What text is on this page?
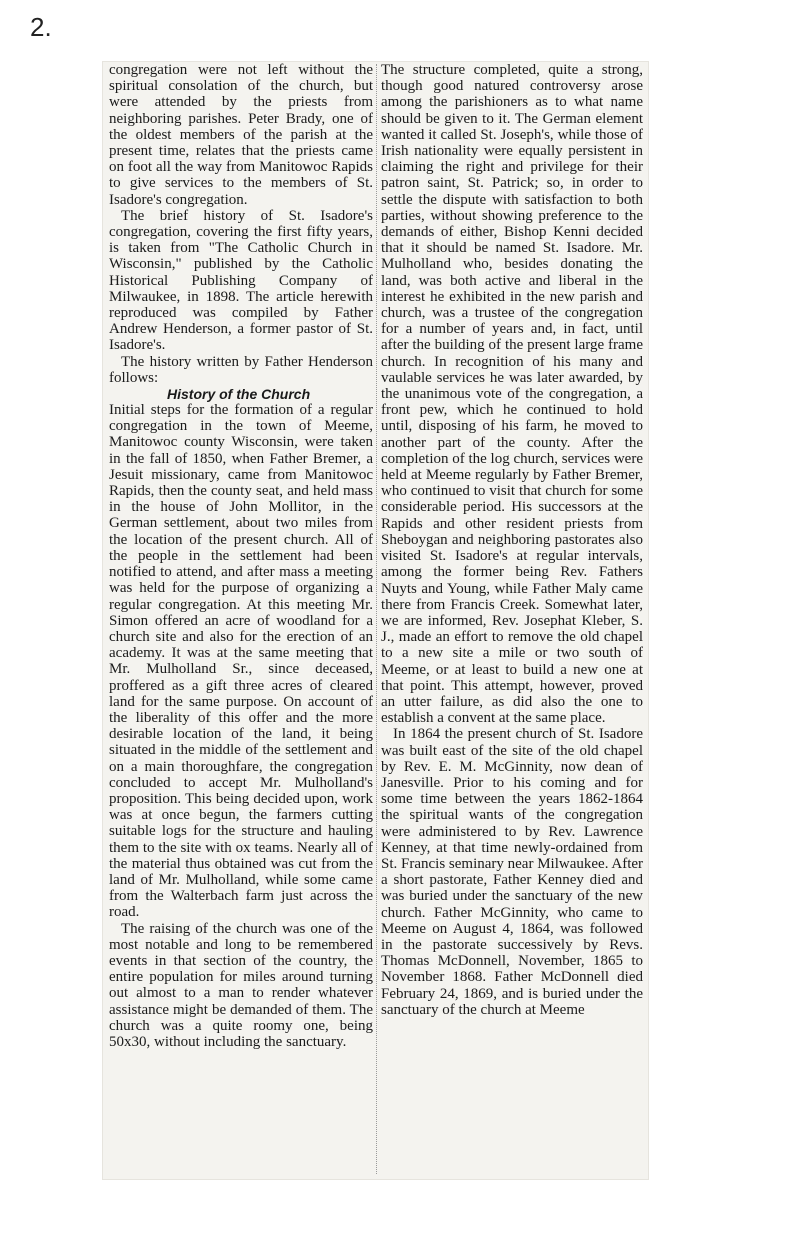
2.

congregation were not left without the spiritual consolation of the church, but were attended by the priests from neighboring parishes. Peter Brady, one of the oldest members of the parish at the present time, relates that the priests came on foot all the way from Manitowoc Rapids to give services to the members of St. Isadore's congregation.

The brief history of St. Isadore's congregation, covering the first fifty years, is taken from "The Catholic Church in Wisconsin," published by the Catholic Historical Publishing Company of Milwaukee, in 1898. The article herewith reproduced was compiled by Father Andrew Henderson, a former pastor of St. Isadore's.

The history written by Father Henderson follows:

History of the Church

Initial steps for the formation of a regular congregation in the town of Meeme, Manitowoc county Wisconsin, were taken in the fall of 1850, when Father Bremer, a Jesuit missionary, came from Manitowoc Rapids, then the county seat, and held mass in the house of John Mollitor, in the German settlement, about two miles from the location of the present church. All of the people in the settlement had been notified to attend, and after mass a meeting was held for the purpose of organizing a regular congregation. At this meeting Mr. Simon offered an acre of woodland for a church site and also for the erection of an academy. It was at the same meeting that Mr. Mulholland Sr., since deceased, proffered as a gift three acres of cleared land for the same purpose. On account of the liberality of this offer and the more desirable location of the land, it being situated in the middle of the settlement and on a main thoroughfare, the congregation concluded to accept Mr. Mulholland's proposition. This being decided upon, work was at once begun, the farmers cutting suitable logs for the structure and hauling them to the site with ox teams. Nearly all of the material thus obtained was cut from the land of Mr. Mulholland, while some came from the Walterbach farm just across the road.

The raising of the church was one of the most notable and long to be remembered events in that section of the country, the entire population for miles around turning out almost to a man to render whatever assistance might be demanded of them. The church was a quite roomy one, being 50x30, without including the sanctuary.

The structure completed, quite a strong, though good natured controversy arose among the parishioners as to what name should be given to it. The German element wanted it called St. Joseph's, while those of Irish nationality were equally persistent in claiming the right and privilege for their patron saint, St. Patrick; so, in order to settle the dispute with satisfaction to both parties, without showing preference to the demands of either, Bishop Kenni decided that it should be named St. Isadore. Mr. Mulholland who, besides donating the land, was both active and liberal in the interest he exhibited in the new parish and church, was a trustee of the congregation for a number of years and, in fact, until after the building of the present large frame church. In recognition of his many and vaulable services he was later awarded, by the unanimous vote of the congregation, a front pew, which he continued to hold until, disposing of his farm, he moved to another part of the county. After the completion of the log church, services were held at Meeme regularly by Father Bremer, who continued to visit that church for some considerable period. His successors at the Rapids and other resident priests from Sheboygan and neighboring pastorates also visited St. Isadore's at regular intervals, among the former being Rev. Fathers Nuyts and Young, while Father Maly came there from Francis Creek. Somewhat later, we are informed, Rev. Josephat Kleber, S. J., made an effort to remove the old chapel to a new site a mile or two south of Meeme, or at least to build a new one at that point. This attempt, however, proved an utter failure, as did also the one to establish a convent at the same place.

In 1864 the present church of St. Isadore was built east of the site of the old chapel by Rev. E. M. McGinnity, now dean of Janesville. Prior to his coming and for some time between the years 1862-1864 the spiritual wants of the congregation were administered to by Rev. Lawrence Kenney, at that time newly-ordained from St. Francis seminary near Milwaukee. After a short pastorate, Father Kenney died and was buried under the sanctuary of the new church. Father McGinnity, who came to Meeme on August 4, 1864, was followed in the pastorate successively by Revs. Thomas McDonnell, November, 1865 to November 1868. Father McDonnell died February 24, 1869, and is buried under the sanctuary of the church at Meeme
